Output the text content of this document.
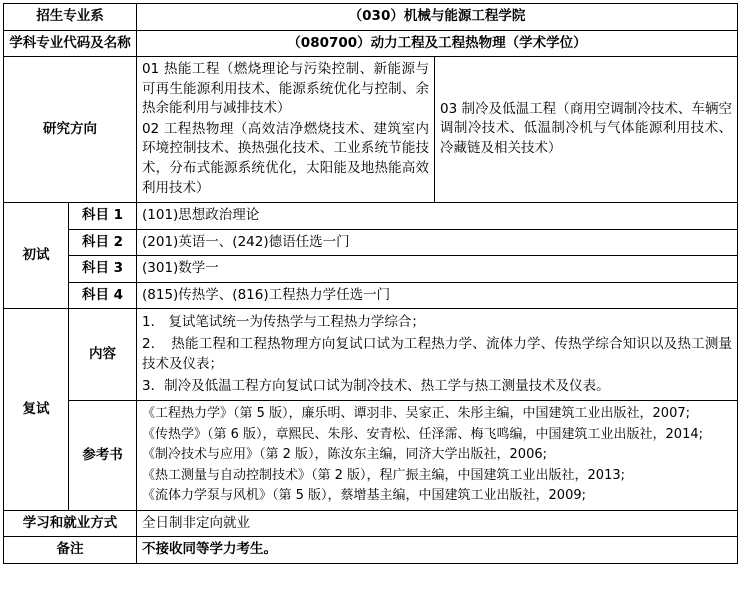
招生专业系		（030）机械与能源工程学院	
学科专业代码及名称		（080700）动力工程及工程热物理（学术学位）	
研究方向		01 热能工程（燃烧理论与污染控制、新能源与可再生能源利用技术、能源系统优化与控制、余热余能利用与减排技术）

02 工程热物理（高效洁净燃烧技术、建筑室内环境控制技术、换热强化技术、工业系统节能技术，分布式能源系统优化，太阳能及地热能高效利用技术）	03 制冷及低温工程（商用空调制冷技术、车辆空调制冷技术、低温制冷机与气体能源利用技术、冷藏链及相关技术）

初试	科目 1	(101)思想政治理论	
	科目 2	(201)英语一、(242)德语任选一门	
	科目 3	(301)数学一	
	科目 4	(815)传热学、(816)工程热力学任选一门	
复试	内容	1． 复试笔试统一为传热学与工程热力学综合；

2．　热能工程和工程热物理方向复试口试为工程热力学、流体力学、传热学综合知识以及热工测量技术及仪表；

3．制冷及低温工程方向复试口试为制冷技术、热工学与热工测量技术及仪表。	

	参考书	《工程热力学》（第 5 版），廉乐明、谭羽非、吴家正、朱彤主编，中国建筑工业出版社，2007;

《传热学》（第 6 版），章熙民、朱彤、安青松、任泽霈、梅飞鸣编，中国建筑工业出版社，2014;

《制冷技术与应用》（第 2 版），陈汝东主编，同济大学出版社，2006;

《热工测量与自动控制技术》（第 2 版），程广振主编，中国建筑工业出版社，2013;

《流体力学泵与风机》（第 5 版），蔡增基主编，中国建筑工业出版社，2009;	

学习和就业方式		全日制非定向就业	
备注		不接收同等学力考生。	
